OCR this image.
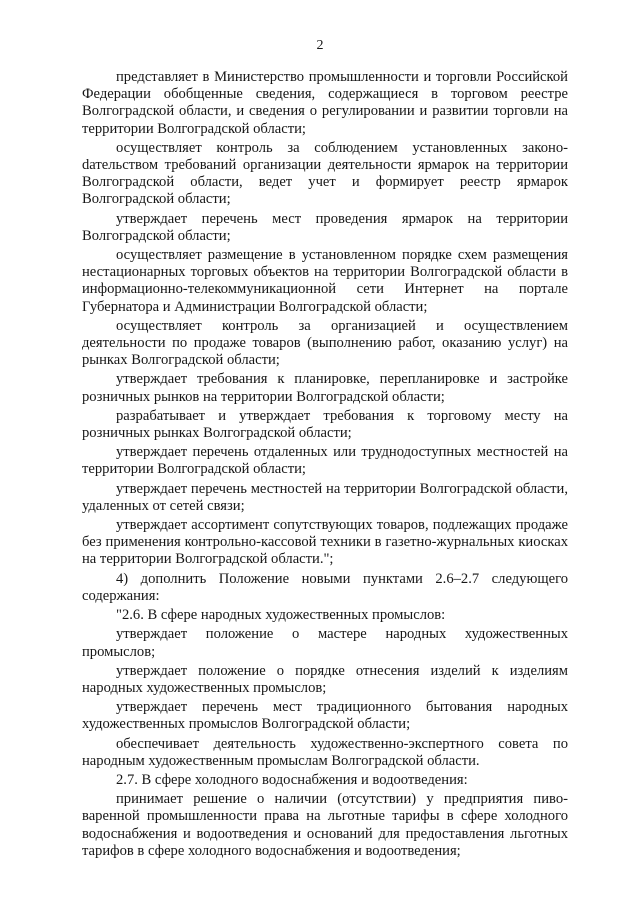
2

представляет в Министерство промышленности и торговли Российской Федерации обобщенные сведения, содержащиеся в торговом реестре Волгоградской области, и сведения о регулировании и развитии торговли на территории Волгоградской области;

осуществляет контроль за соблюдением установленных законоdательством требований организации деятельности ярмарок на территории Волгоградской области, ведет учет и формирует реестр ярмарок Волгоградской области;

утверждает перечень мест проведения ярмарок на территории Волгоградской области;

осуществляет размещение в установленном порядке схем размещения нестационарных торговых объектов на территории Волгоградской области в информационно-телекоммуникационной сети Интернет на портале Губернатора и Администрации Волгоградской области;

осуществляет контроль за организацией и осуществлением деятельности по продаже товаров (выполнению работ, оказанию услуг) на рынках Волгоградской области;

утверждает требования к планировке, перепланировке и застройке розничных рынков на территории Волгоградской области;

разрабатывает и утверждает требования к торговому месту на розничных рынках Волгоградской области;

утверждает перечень отдаленных или труднодоступных местностей на территории Волгоградской области;

утверждает перечень местностей на территории Волгоградской области, удаленных от сетей связи;

утверждает ассортимент сопутствующих товаров, подлежащих продаже без применения контрольно-кассовой техники в газетно-журнальных киосках на территории Волгоградской области.";

4) дополнить Положение новыми пунктами 2.6–2.7 следующего содержания:

"2.6. В сфере народных художественных промыслов:

утверждает положение о мастере народных художественных промыслов;

утверждает положение о порядке отнесения изделий к изделиям народных художественных промыслов;

утверждает перечень мест традиционного бытования народных художественных промыслов Волгоградской области;

обеспечивает деятельность художественно-экспертного совета по народным художественным промыслам Волгоградской области.

2.7. В сфере холодного водоснабжения и водоотведения:

принимает решение о наличии (отсутствии) у предприятия пивоваренной промышленности права на льготные тарифы в сфере холодного водоснабжения и водоотведения и оснований для предоставления льготных тарифов в сфере холодного водоснабжения и водоотведения;
